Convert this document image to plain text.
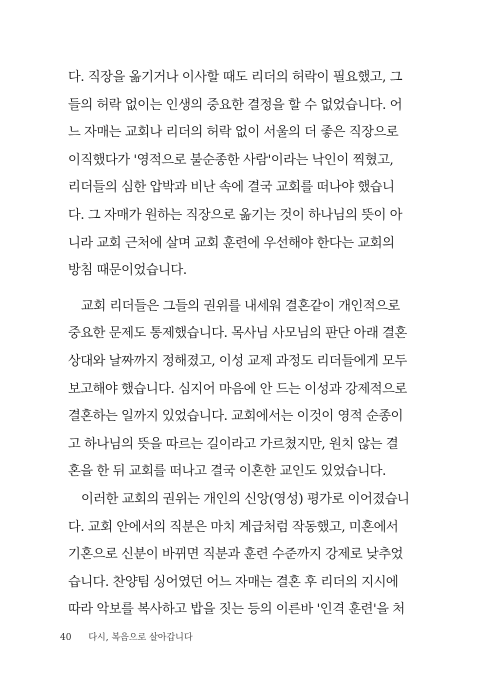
다. 직장을 옮기거나 이사할 때도 리더의 허락이 필요했고, 그
들의 허락 없이는 인생의 중요한 결정을 할 수 없었습니다. 어
느 자매는 교회나 리더의 허락 없이 서울의 더 좋은 직장으로
이직했다가 '영적으로 불순종한 사람'이라는 낙인이 찍혔고,
리더들의 심한 압박과 비난 속에 결국 교회를 떠나야 했습니
다. 그 자매가 원하는 직장으로 옮기는 것이 하나님의 뜻이 아
니라 교회 근처에 살며 교회 훈련에 우선해야 한다는 교회의
방침 때문이었습니다.
교회 리더들은 그들의 권위를 내세워 결혼같이 개인적으로
중요한 문제도 통제했습니다. 목사님 사모님의 판단 아래 결혼
상대와 날짜까지 정해졌고, 이성 교제 과정도 리더들에게 모두
보고해야 했습니다. 심지어 마음에 안 드는 이성과 강제적으로
결혼하는 일까지 있었습니다. 교회에서는 이것이 영적 순종이
고 하나님의 뜻을 따르는 길이라고 가르쳤지만, 원치 않는 결
혼을 한 뒤 교회를 떠나고 결국 이혼한 교인도 있었습니다.
이러한 교회의 권위는 개인의 신앙(영성) 평가로 이어졌습니
다. 교회 안에서의 직분은 마치 계급처럼 작동했고, 미혼에서
기혼으로 신분이 바뀌면 직분과 훈련 수준까지 강제로 낮추었
습니다. 찬양팀 싱어였던 어느 자매는 결혼 후 리더의 지시에
따라 악보를 복사하고 밥을 짓는 등의 이른바 '인격 훈련'을 처
40 다시, 복음으로 살아갑니다
